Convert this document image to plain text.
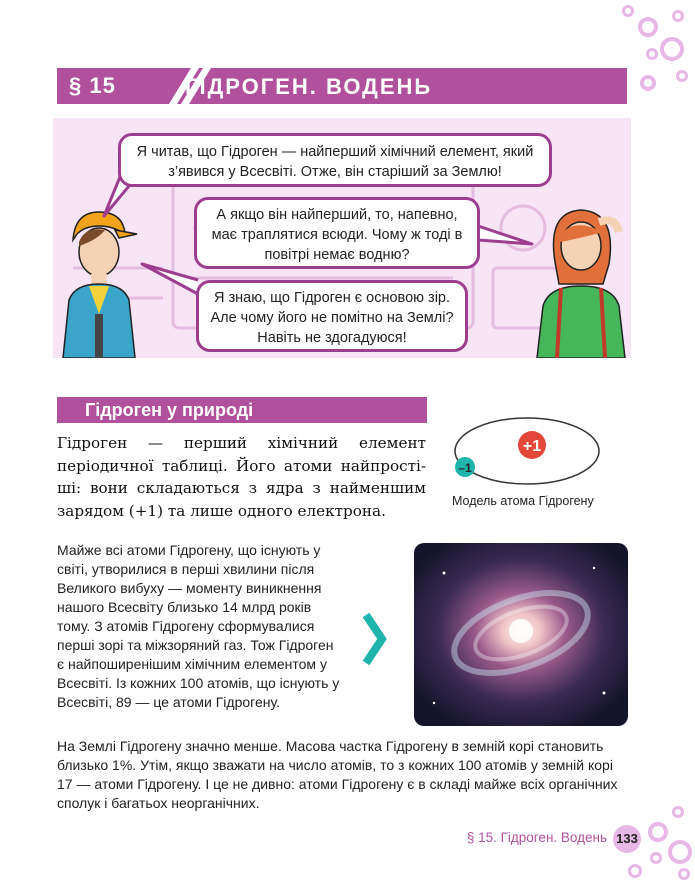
§ 15	ГІДРОГЕН. ВОДЕНЬ
Я читав, що Гідроген — найперший хімічний елемент, який з’явився у Всесвіті. Отже, він старіший за Землю!
А якщо він найперший, то, напевно, має траплятися всюди. Чому ж тоді в повітрі немає водню?
Я знаю, що Гідроген є основою зір. Але чому його не помітно на Землі? Навіть не здогадуюся!
Гідроген у природі
Гідроген — перший хімічний елемент періодичної таблиці. Його атоми найпростіші: вони складаються з ядра з найменшим зарядом (+1) та лише одного електрона.
+1
–1
Модель атома Гідрогену
Майже всі атоми Гідрогену, що існують у світі, утворилися в перші хвилини після Великого вибуху — моменту виникнення нашого Всесвіту близько 14 млрд років тому. З атомів Гідрогену сформувалися перші зорі та міжзоряний газ. Тож Гідроген є найпоширенішим хімічним елементом у Всесвіті. Із кожних 100 атомів, що існують у Всесвіті, 89 — це атоми Гідрогену.
На Землі Гідрогену значно менше. Масова частка Гідрогену в земній корі становить близько 1%. Утім, якщо зважати на число атомів, то з кожних 100 атомів у земній корі 17 — атоми Гідрогену. І це не дивно: атоми Гідрогену є в складі майже всіх органічних сполук і багатьох неорганічних.
§ 15. Гідроген. Водень 133
